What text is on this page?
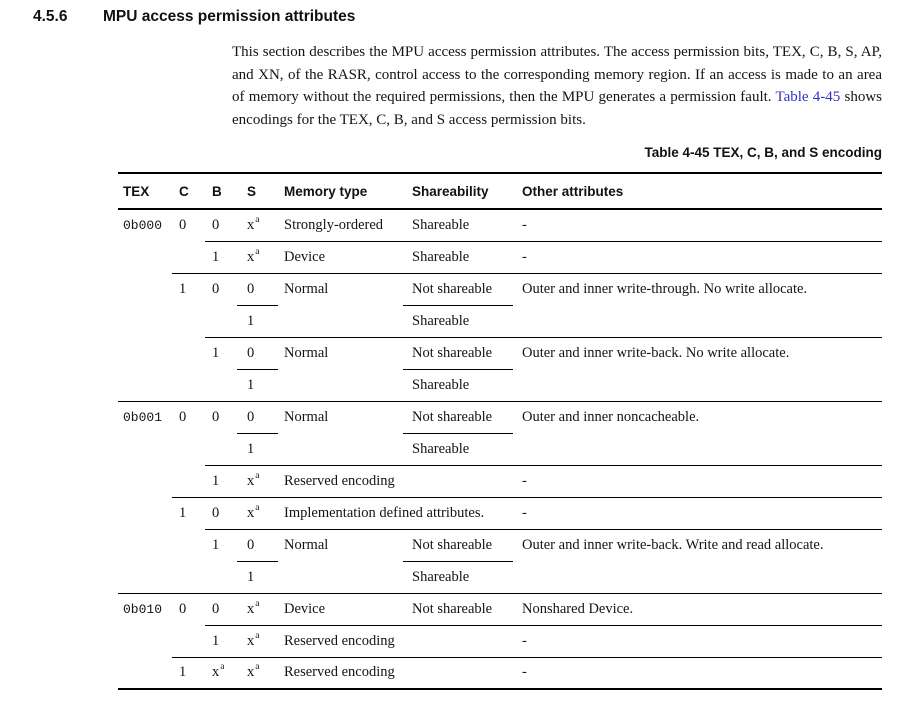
4.5.6 MPU access permission attributes

This section describes the MPU access permission attributes. The access permission bits, TEX, C, B, S, AP, and XN, of the RASR, control access to the corresponding memory region. If an access is made to an area of memory without the required permissions, then the MPU generates a permission fault. Table 4-45 shows encodings for the TEX, C, B, and S access permission bits.

Table 4-45 TEX, C, B, and S encoding
TEX	C	B	S	Memory type	Shareability	Other attributes
0b000	0	0	$x^a$	Strongly-ordered	Shareable	-
		1	$x^a$	Device	Shareable	-
	1	0	0	Normal	Not shareable	Outer and inner write-through. No write allocate.
			1		Shareable	
		1	0	Normal	Not shareable	Outer and inner write-back. No write allocate.
			1		Shareable	
0b001	0	0	0	Normal	Not shareable	Outer and inner noncacheable.
			1		Shareable	
		1	$x^a$	Reserved encoding		-
	1	0	$x^a$	Implementation defined attributes.		-
		1	0	Normal	Not shareable	Outer and inner write-back. Write and read allocate.
			1		Shareable	
0b010	0	0	$x^a$	Device	Not shareable	Nonshared Device.
		1	$x^a$	Reserved encoding		-
	1	$x^a$	$x^a$	Reserved encoding		-
